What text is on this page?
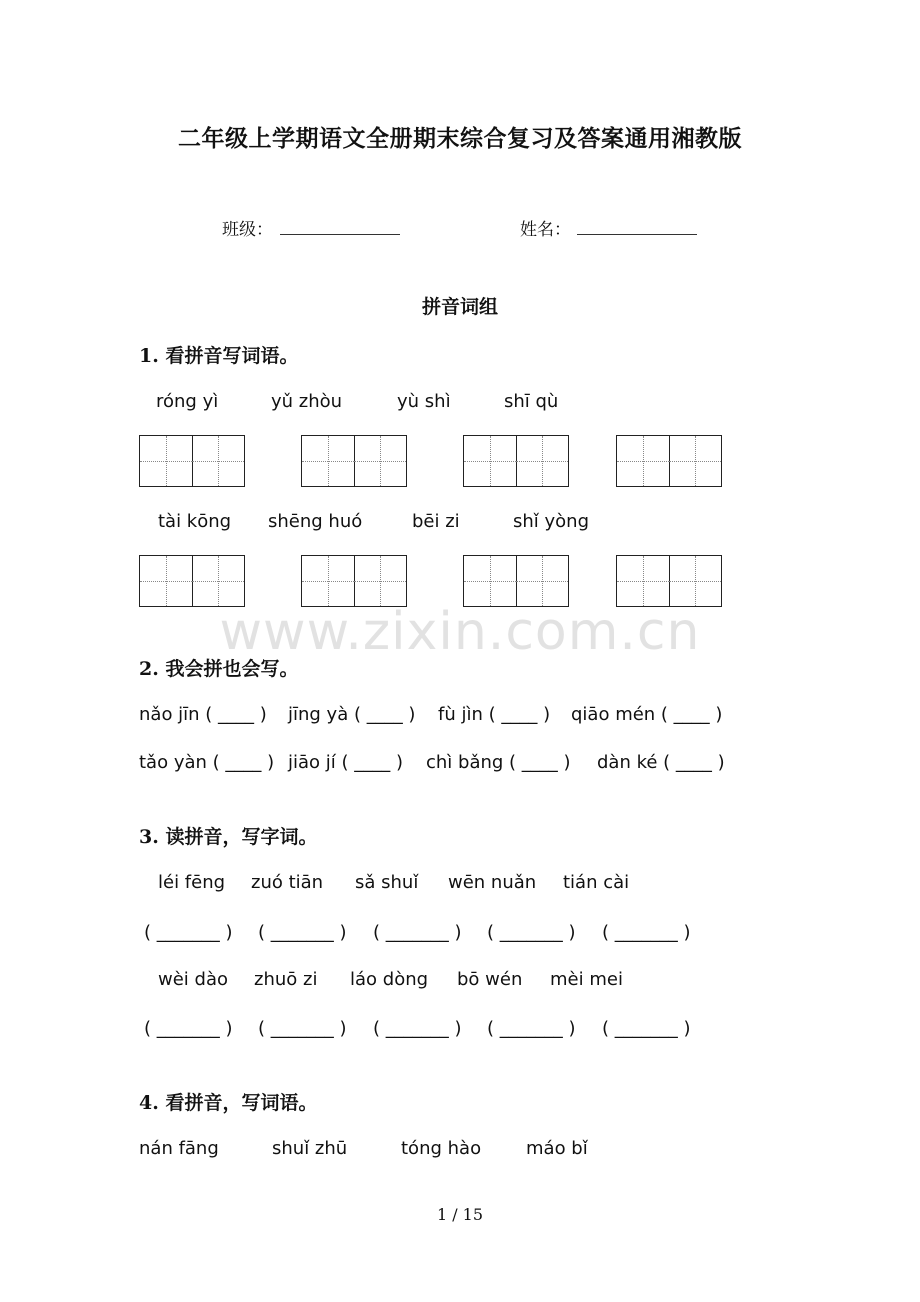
二年级上学期语文全册期末综合复习及答案通用湘教版
班级：	姓名：
拼音词组
1. 看拼音写词语。
róng yì	yǔ zhòu	yù shì	shī qù
tài kōng shēng huó	bēi zi	shǐ yòng
www.zixin.com.cn
2. 我会拼也会写。
nǎo jīn ( ____ ) jīng yà ( ____ ) fù jìn ( ____ ) qiāo mén ( ____ )
tǎo yàn ( ____ ) jiāo jí ( ____ ) chì bǎng ( ____ ) dàn ké ( ____ )
3. 读拼音，写字词。
léi fēng zuó tiān sǎ shuǐ wēn nuǎn tián cài
( _______ ) ( _______ ) ( _______ ) ( _______ ) ( _______ )
wèi dào zhuō zi láo dòng bō wén mèi mei
( _______ ) ( _______ ) ( _______ ) ( _______ ) ( _______ )
4. 看拼音，写词语。
nán fāng	shuǐ zhū	tóng hào máo bǐ
1 / 15
